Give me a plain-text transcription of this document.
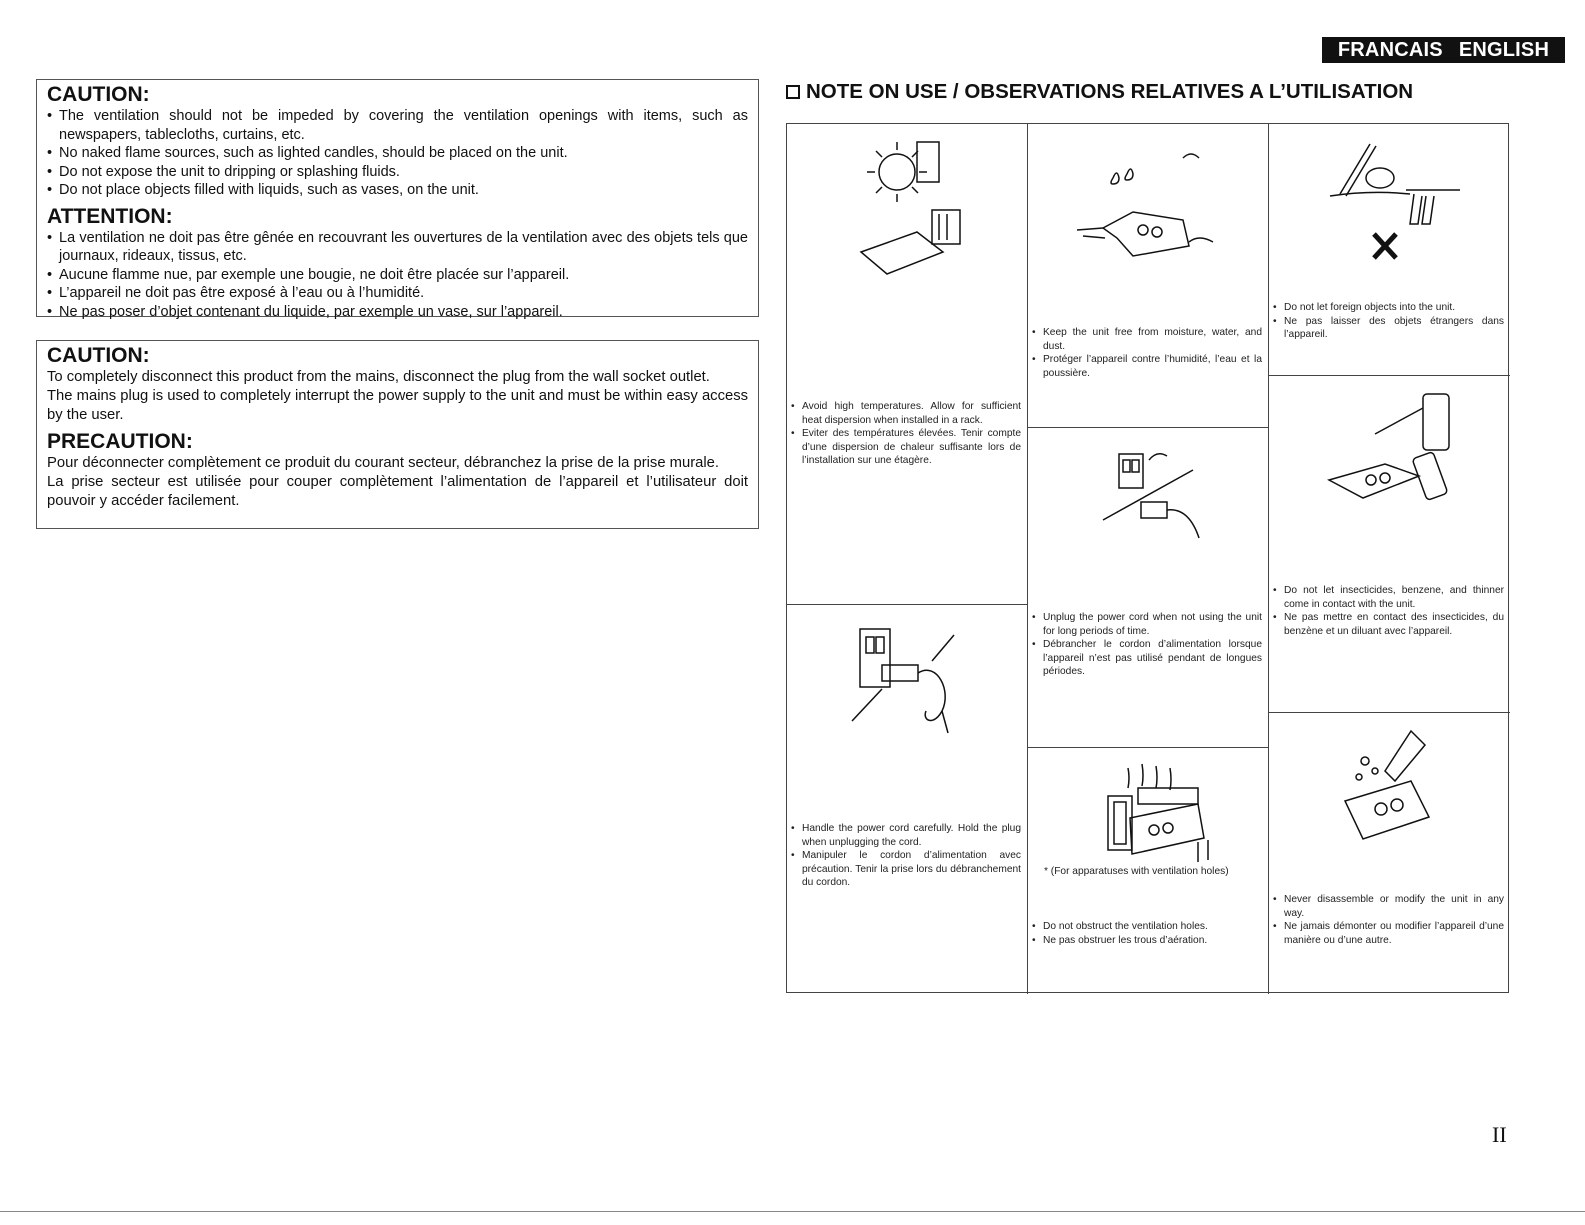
FRANCAIS ENGLISH
CAUTION:
• The ventilation should not be impeded by covering the ventilation openings with items, such as newspapers, tablecloths, curtains, etc.
• No naked flame sources, such as lighted candles, should be placed on the unit.
• Do not expose the unit to dripping or splashing fluids.
• Do not place objects filled with liquids, such as vases, on the unit.
ATTENTION:
• La ventilation ne doit pas être gênée en recouvrant les ouvertures de la ventilation avec des objets tels que journaux, rideaux, tissus, etc.
• Aucune flamme nue, par exemple une bougie, ne doit être placée sur l’appareil.
• L’appareil ne doit pas être exposé à l’eau ou à l’humidité.
• Ne pas poser d’objet contenant du liquide, par exemple un vase, sur l’appareil.
CAUTION:

To completely disconnect this product from the mains, disconnect the plug from the wall socket outlet.

The mains plug is used to completely interrupt the power supply to the unit and must be within easy access by the user.

PRECAUTION:

Pour déconnecter complètement ce produit du courant secteur, débranchez la prise de la prise murale.

La prise secteur est utilisée pour couper complètement l’alimentation de l’appareil et l’utilisateur doit pouvoir y accéder facilement.

NOTE ON USE / OBSERVATIONS RELATIVES A L’UTILISATION
• Avoid high temperatures. Allow for sufficient heat dispersion when installed in a rack.
• Eviter des températures élevées. Tenir compte d’une dispersion de chaleur suffisante lors de l’installation sur une étagère.
• Handle the power cord carefully. Hold the plug when unplugging the cord.
• Manipuler le cordon d’alimentation avec précaution. Tenir la prise lors du débranchement du cordon.
• Keep the unit free from moisture, water, and dust.
• Protéger l’appareil contre l’humidité, l’eau et la poussière.
• Unplug the power cord when not using the unit for long periods of time.
• Débrancher le cordon d’alimentation lorsque l’appareil n’est pas utilisé pendant de longues périodes.
* (For apparatuses with ventilation holes)
• Do not obstruct the ventilation holes.
• Ne pas obstruer les trous d’aération.
• Do not let foreign objects into the unit.
• Ne pas laisser des objets étrangers dans l’appareil.
• Do not let insecticides, benzene, and thinner come in contact with the unit.
• Ne pas mettre en contact des insecticides, du benzène et un diluant avec l’appareil.
• Never disassemble or modify the unit in any way.
• Ne jamais démonter ou modifier l’appareil d’une manière ou d’une autre.
II
